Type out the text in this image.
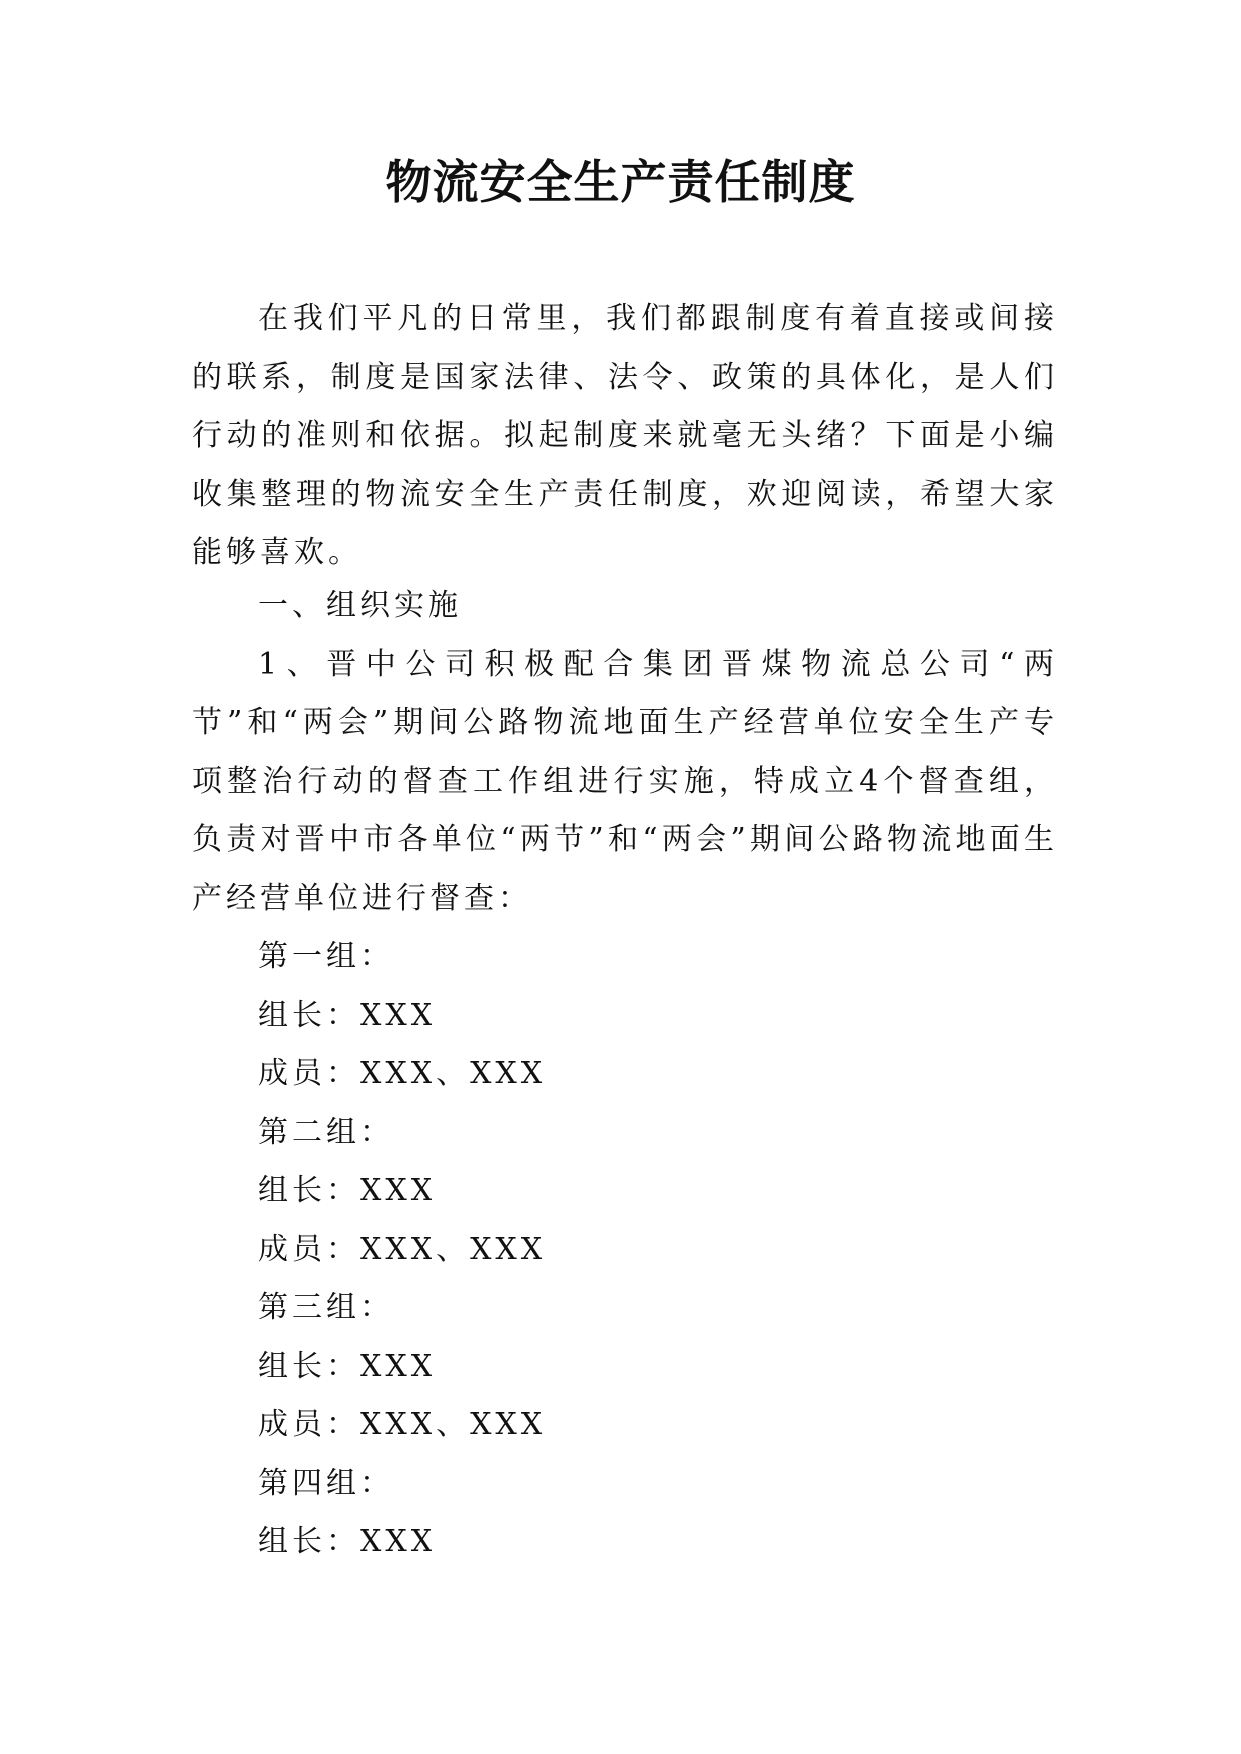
物流安全生产责任制度

在我们平凡的日常里，我们都跟制度有着直接或间接的联系，制度是国家法律、法令、政策的具体化，是人们行动的准则和依据。拟起制度来就毫无头绪？下面是小编收集整理的物流安全生产责任制度，欢迎阅读，希望大家能够喜欢。

一、组织实施

1、晋中公司积极配合集团晋煤物流总公司“两节”和“两会”期间公路物流地面生产经营单位安全生产专项整治行动的督查工作组进行实施，特成立4个督查组，负责对晋中市各单位“两节”和“两会”期间公路物流地面生产经营单位进行督查：

第一组：

组长：XXX

成员：XXX、XXX

第二组：

组长：XXX

成员：XXX、XXX

第三组：

组长：XXX

成员：XXX、XXX

第四组：

组长：XXX
